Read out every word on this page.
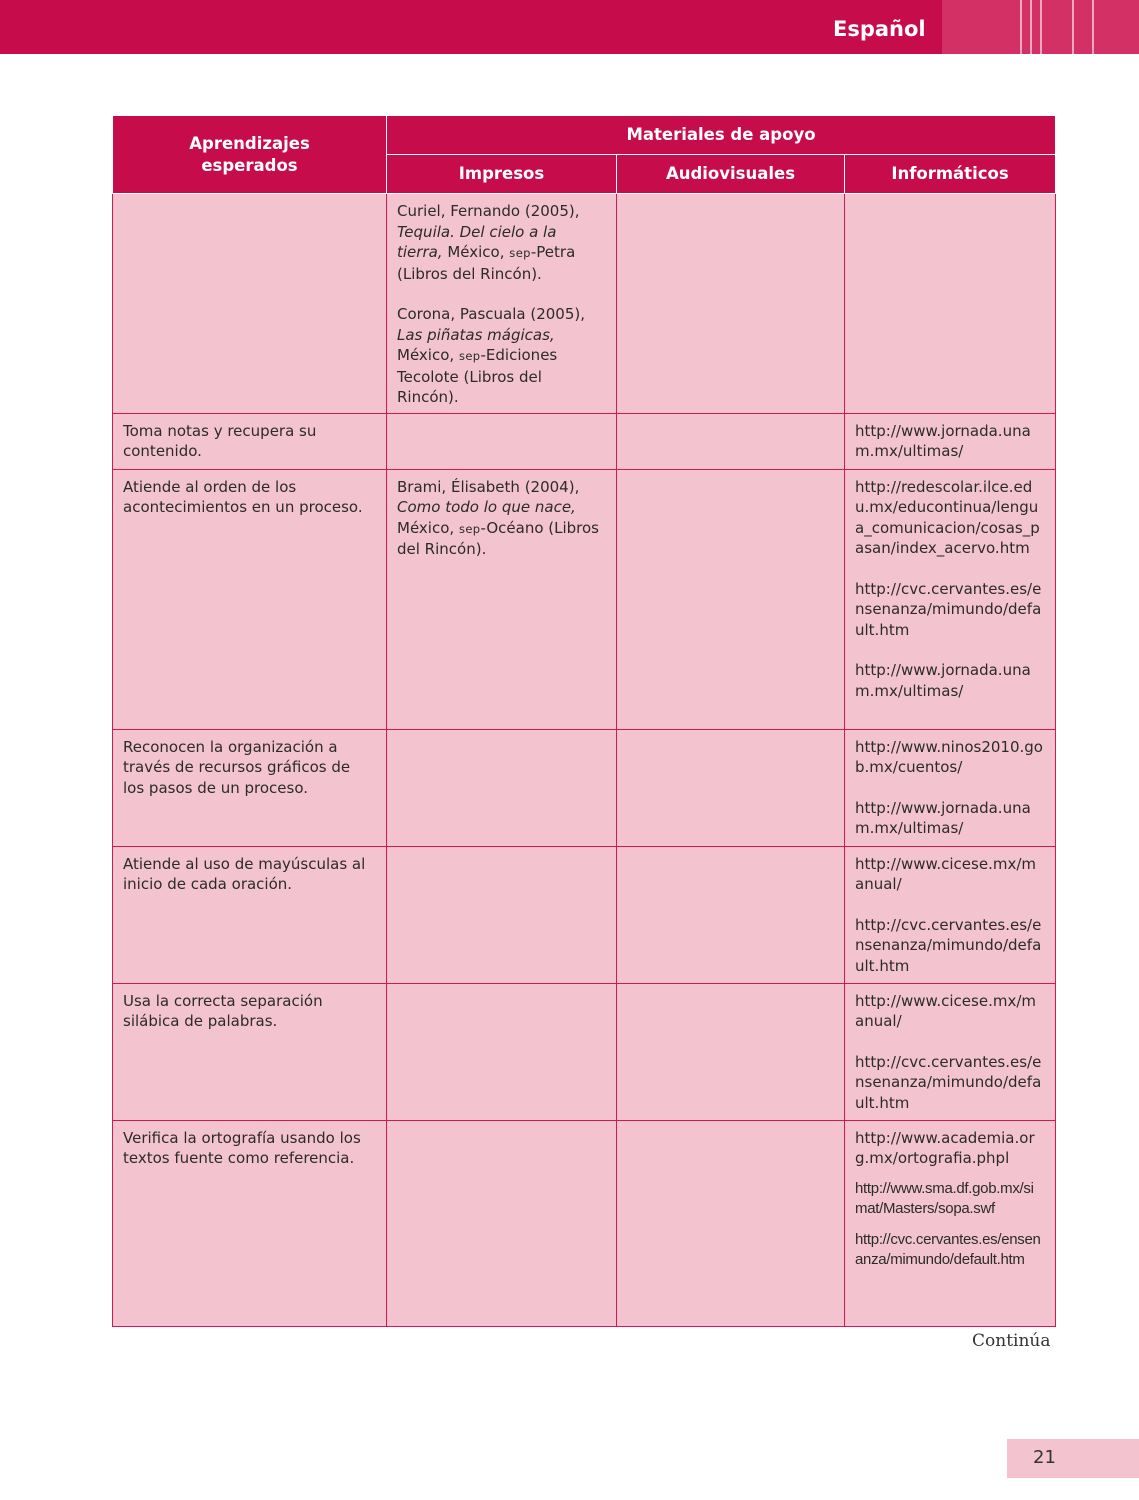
Español
Aprendizajes esperados	Materiales de apoyo		
	Impresos	Audiovisuales	Informáticos

	Curiel, Fernando (2005), Tequila. Del cielo a la tierra, México, sep-Petra (Libros del Rincón).

Corona, Pascuala (2005), Las piñatas mágicas, México, sep-Ediciones Tecolote (Libros del Rincón).		

Toma notas y recupera su contenido.			http://www.jornada.unam.mx/ultimas/

Atiende al orden de los acontecimientos en un proceso.	Brami, Élisabeth (2004), Como todo lo que nace, México, sep-Océano (Libros del Rincón).		http://redescolar.ilce.edu.mx/educontinua/lengua_comunicacion/cosas_pasan/index_acervo.htm

http://cvc.cervantes.es/ensenanza/mimundo/default.htm

http://www.jornada.unam.mx/ultimas/

Reconocen la organización a través de recursos gráficos de los pasos de un proceso.			http://www.ninos2010.gob.mx/cuentos/

http://www.jornada.unam.mx/ultimas/

Atiende al uso de mayúsculas al inicio de cada oración.			http://www.cicese.mx/manual/

http://cvc.cervantes.es/ensenanza/mimundo/default.htm

Usa la correcta separación silábica de palabras.			http://www.cicese.mx/manual/

http://cvc.cervantes.es/ensenanza/mimundo/default.htm

Verifica la ortografía usando los textos fuente como referencia.			http://www.academia.org.mx/ortografia.phpl

http://www.sma.df.gob.mx/simat/Masters/sopa.swf

http://cvc.cervantes.es/ensenanza/mimundo/default.htm

Continúa
21
